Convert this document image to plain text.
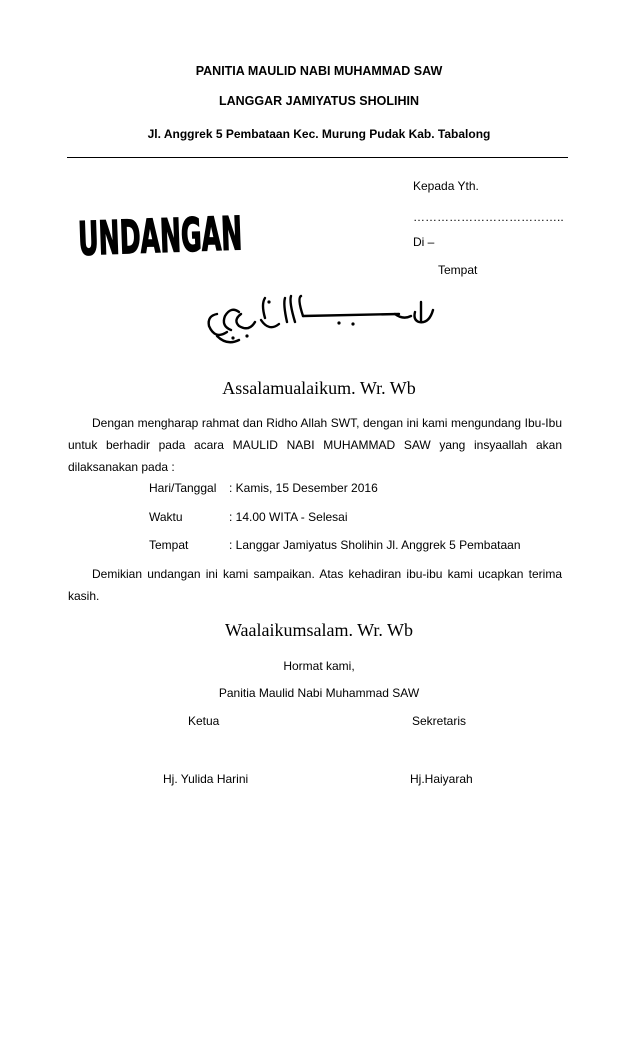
PANITIA MAULID NABI MUHAMMAD SAW
LANGGAR JAMIYATUS SHOLIHIN
Jl. Anggrek 5 Pembataan Kec. Murung Pudak Kab. Tabalong
UNDANGAN
Kepada Yth.
………………………………..
Di –
Tempat
Assalamualaikum. Wr. Wb
Dengan mengharap rahmat dan Ridho Allah SWT, dengan ini kami mengundang Ibu-Ibu untuk berhadir pada acara MAULID NABI MUHAMMAD SAW yang insyaallah akan dilaksanakan pada :
Hari/Tanggal : Kamis, 15 Desember 2016
Waktu	: 14.00 WITA - Selesai
Tempat	: Langgar Jamiyatus Sholihin Jl. Anggrek 5 Pembataan
Demikian undangan ini kami sampaikan. Atas kehadiran ibu-ibu kami ucapkan terima kasih.
Waalaikumsalam. Wr. Wb
Hormat kami,
Panitia Maulid Nabi Muhammad SAW
Ketua	Sekretaris
Hj. Yulida Harini	Hj.Haiyarah
